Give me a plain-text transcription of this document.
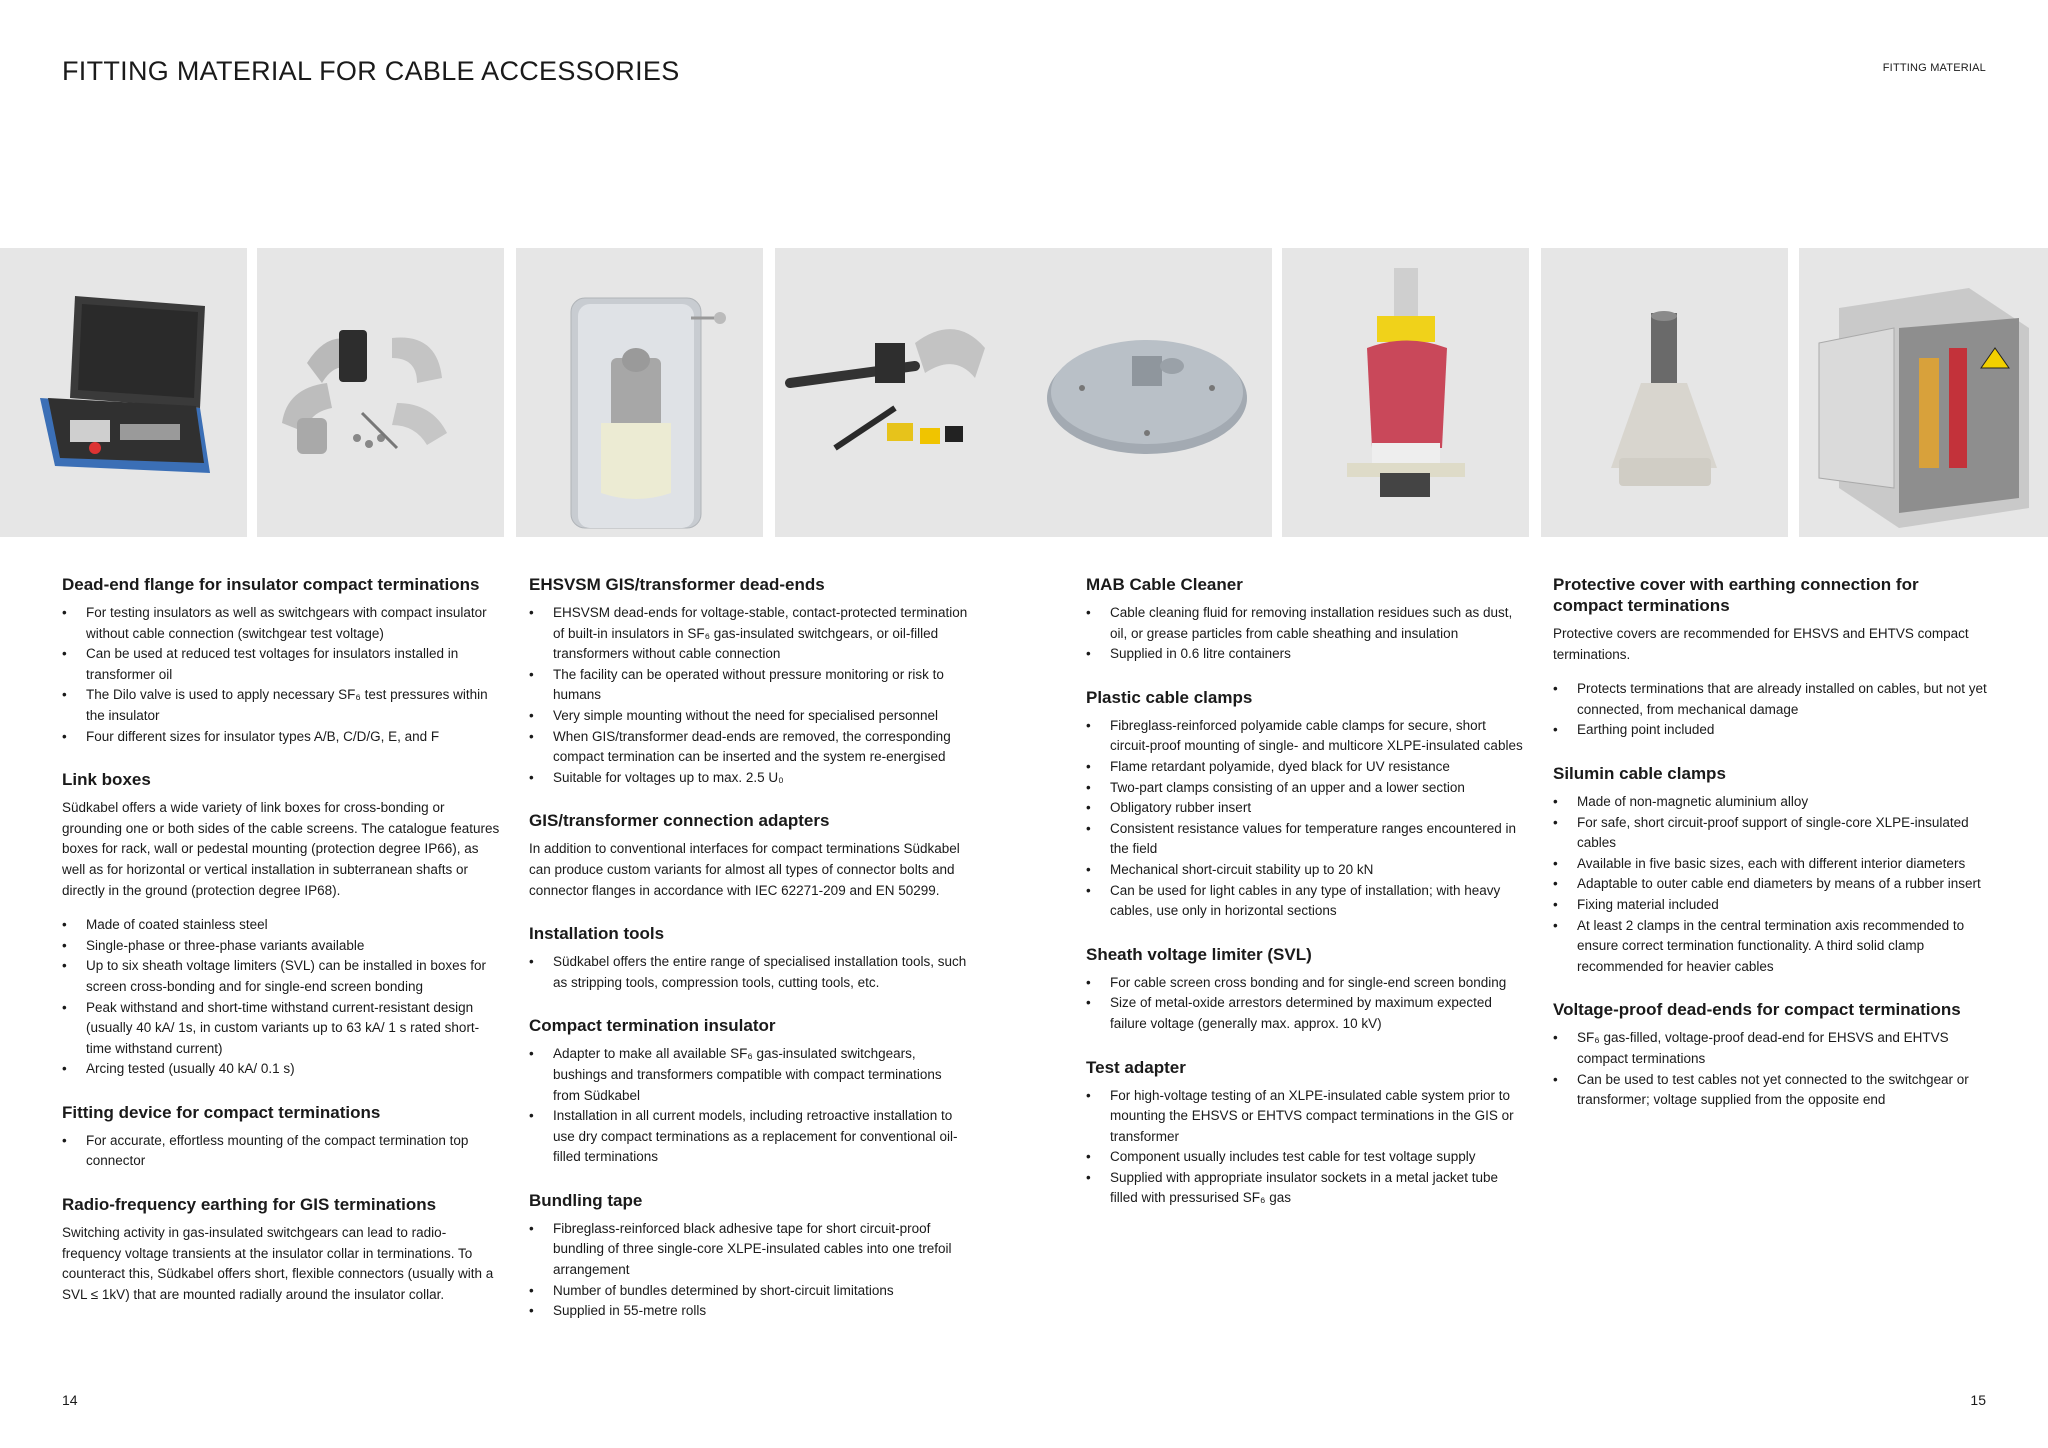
FITTING MATERIAL FOR CABLE ACCESSORIES	FITTING MATERIAL
Dead-end flange for insulator compact terminations
• For testing insulators as well as switchgears with compact insulator without cable connection (switchgear test voltage)
• Can be used at reduced test voltages for insulators installed in transformer oil
• The Dilo valve is used to apply necessary SF₆ test pressures within the insulator
• Four different sizes for insulator types A/B, C/D/G, E, and F
Link boxes

Südkabel offers a wide variety of link boxes for cross-bonding or grounding one or both sides of the cable screens. The catalogue features boxes for rack, wall or pedestal mounting (protection degree IP66), as well as for horizontal or vertical installation in subterranean shafts or directly in the ground (protection degree IP68).

• Made of coated stainless steel
• Single-phase or three-phase variants available
• Up to six sheath voltage limiters (SVL) can be installed in boxes for screen cross-bonding and for single-end screen bonding
• Peak withstand and short-time withstand current-resistant design (usually 40 kA/ 1s, in custom variants up to 63 kA/ 1 s rated short-time withstand current)
• Arcing tested (usually 40 kA/ 0.1 s)
Fitting device for compact terminations
• For accurate, effortless mounting of the compact termination top connector
Radio-frequency earthing for GIS terminations

Switching activity in gas-insulated switchgears can lead to radio-frequency voltage transients at the insulator collar in terminations. To counteract this, Südkabel offers short, flexible connectors (usually with a SVL ≤ 1kV) that are mounted radially around the insulator collar.

EHSVSM GIS/transformer dead-ends
• EHSVSM dead-ends for voltage-stable, contact-protected termination of built-in insulators in SF₆ gas-insulated switchgears, or oil-filled transformers without cable connection
• The facility can be operated without pressure monitoring or risk to humans
• Very simple mounting without the need for specialised personnel
• When GIS/transformer dead-ends are removed, the corresponding compact termination can be inserted and the system re-energised
• Suitable for voltages up to max. 2.5 U₀
GIS/transformer connection adapters

In addition to conventional interfaces for compact terminations Südkabel can produce custom variants for almost all types of connector bolts and connector flanges in accordance with IEC 62271-209 and EN 50299.

Installation tools
• Südkabel offers the entire range of specialised installation tools, such as stripping tools, compression tools, cutting tools, etc.
Compact termination insulator
• Adapter to make all available SF₆ gas-insulated switchgears, bushings and transformers compatible with compact terminations from Südkabel
• Installation in all current models, including retroactive installation to use dry compact terminations as a replacement for conventional oil-filled terminations
Bundling tape
• Fibreglass-reinforced black adhesive tape for short circuit-proof bundling of three single-core XLPE-insulated cables into one trefoil arrangement
• Number of bundles determined by short-circuit limitations
• Supplied in 55-metre rolls
MAB Cable Cleaner
• Cable cleaning fluid for removing installation residues such as dust, oil, or grease particles from cable sheathing and insulation
• Supplied in 0.6 litre containers
Plastic cable clamps
• Fibreglass-reinforced polyamide cable clamps for secure, short circuit-proof mounting of single- and multicore XLPE-insulated cables
• Flame retardant polyamide, dyed black for UV resistance
• Two-part clamps consisting of an upper and a lower section
• Obligatory rubber insert
• Consistent resistance values for temperature ranges encountered in the field
• Mechanical short-circuit stability up to 20 kN
• Can be used for light cables in any type of installation; with heavy cables, use only in horizontal sections
Sheath voltage limiter (SVL)
• For cable screen cross bonding and for single-end screen bonding
• Size of metal-oxide arrestors determined by maximum expected failure voltage (generally max. approx. 10 kV)
Test adapter
• For high-voltage testing of an XLPE-insulated cable system prior to mounting the EHSVS or EHTVS compact terminations in the GIS or transformer
• Component usually includes test cable for test voltage supply
• Supplied with appropriate insulator sockets in a metal jacket tube filled with pressurised SF₆ gas
Protective cover with earthing connection for compact terminations

Protective covers are recommended for EHSVS and EHTVS compact terminations.

• Protects terminations that are already installed on cables, but not yet connected, from mechanical damage
• Earthing point included
Silumin cable clamps
• Made of non-magnetic aluminium alloy
• For safe, short circuit-proof support of single-core XLPE-insulated cables
• Available in five basic sizes, each with different interior diameters
• Adaptable to outer cable end diameters by means of a rubber insert
• Fixing material included
• At least 2 clamps in the central termination axis recommended to ensure correct termination functionality. A third solid clamp recommended for heavier cables
Voltage-proof dead-ends for compact terminations
• SF₆ gas-filled, voltage-proof dead-end for EHSVS and EHTVS compact terminations
• Can be used to test cables not yet connected to the switchgear or transformer; voltage supplied from the opposite end
14	15
